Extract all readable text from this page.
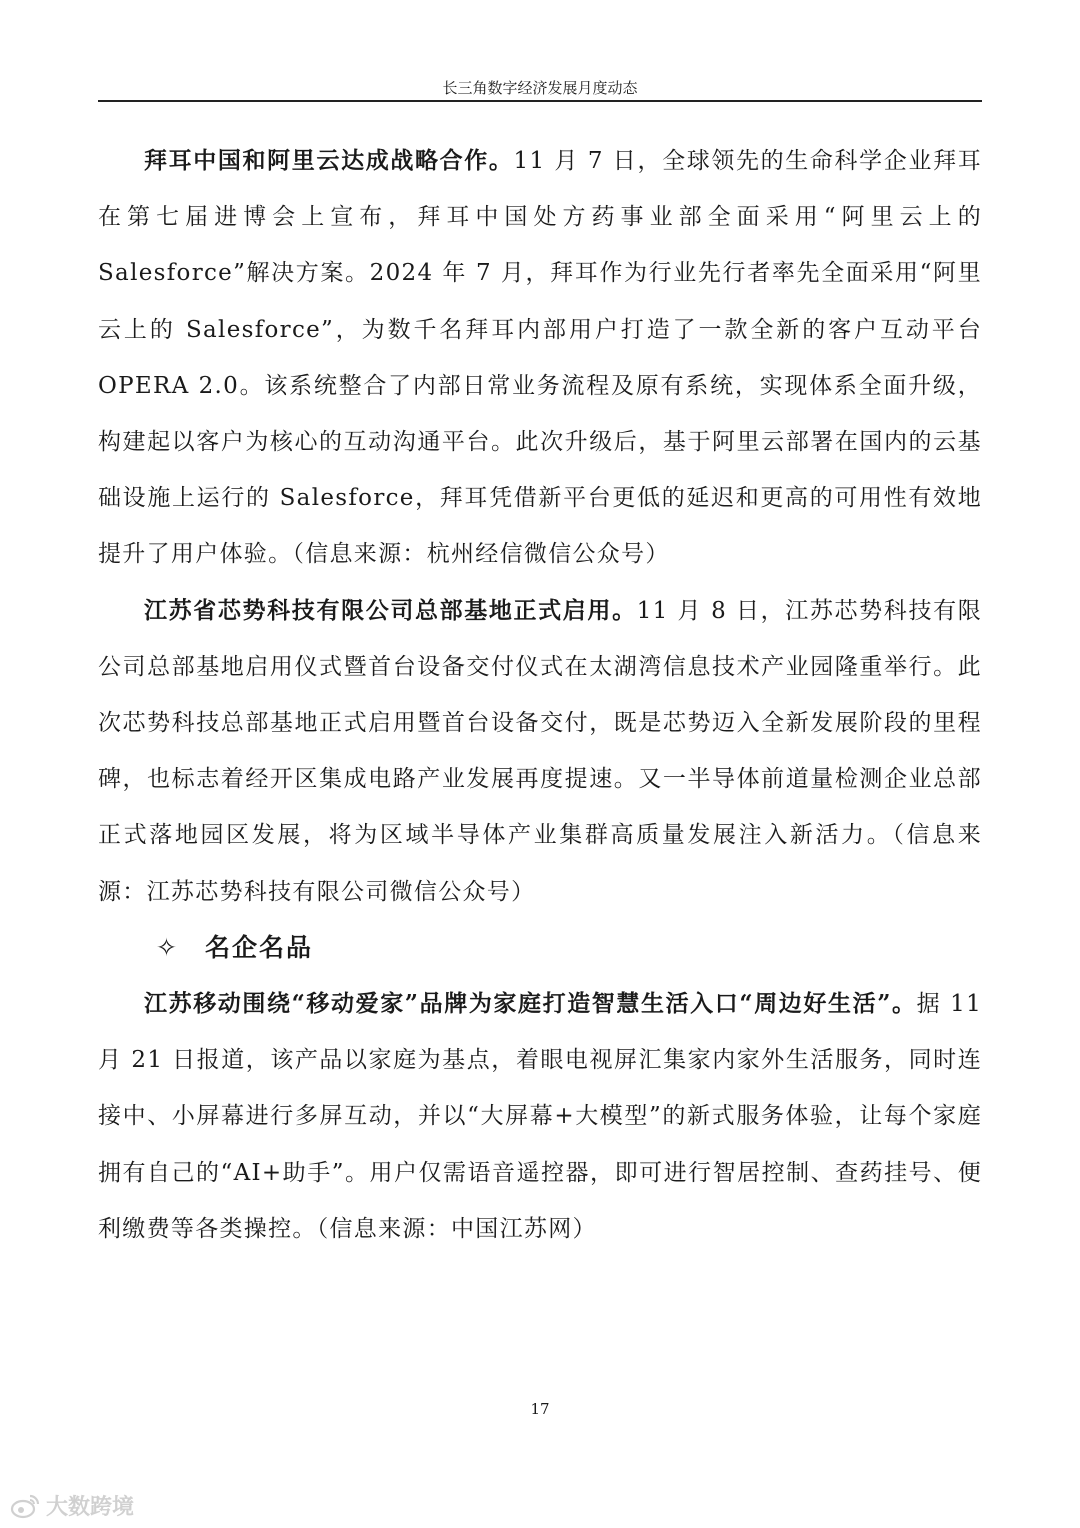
长三角数字经济发展月度动态

拜耳中国和阿里云达成战略合作。11 月 7 日，全球领先的生命科学企业拜耳在第七届进博会上宣布，拜耳中国处方药事业部全面采用“阿里云上的Salesforce”解决方案。2024 年 7 月，拜耳作为行业先行者率先全面采用“阿里云上的 Salesforce”，为数千名拜耳内部用户打造了一款全新的客户互动平台 OPERA 2.0。该系统整合了内部日常业务流程及原有系统，实现体系全面升级，构建起以客户为核心的互动沟通平台。此次升级后，基于阿里云部署在国内的云基础设施上运行的 Salesforce，拜耳凭借新平台更低的延迟和更高的可用性有效地提升了用户体验。（信息来源：杭州经信微信公众号）

江苏省芯势科技有限公司总部基地正式启用。11 月 8 日，江苏芯势科技有限公司总部基地启用仪式暨首台设备交付仪式在太湖湾信息技术产业园隆重举行。此次芯势科技总部基地正式启用暨首台设备交付，既是芯势迈入全新发展阶段的里程碑，也标志着经开区集成电路产业发展再度提速。又一半导体前道量检测企业总部正式落地园区发展，将为区域半导体产业集群高质量发展注入新活力。（信息来源：江苏芯势科技有限公司微信公众号）

✧ 名企名品

江苏移动围绕“移动爱家”品牌为家庭打造智慧生活入口“周边好生活”。据 11 月 21 日报道，该产品以家庭为基点，着眼电视屏汇集家内家外生活服务，同时连接中、小屏幕进行多屏互动，并以“大屏幕+大模型”的新式服务体验，让每个家庭拥有自己的“AI+助手”。用户仅需语音遥控器，即可进行智居控制、查药挂号、便利缴费等各类操控。（信息来源：中国江苏网）

17
大数跨境
